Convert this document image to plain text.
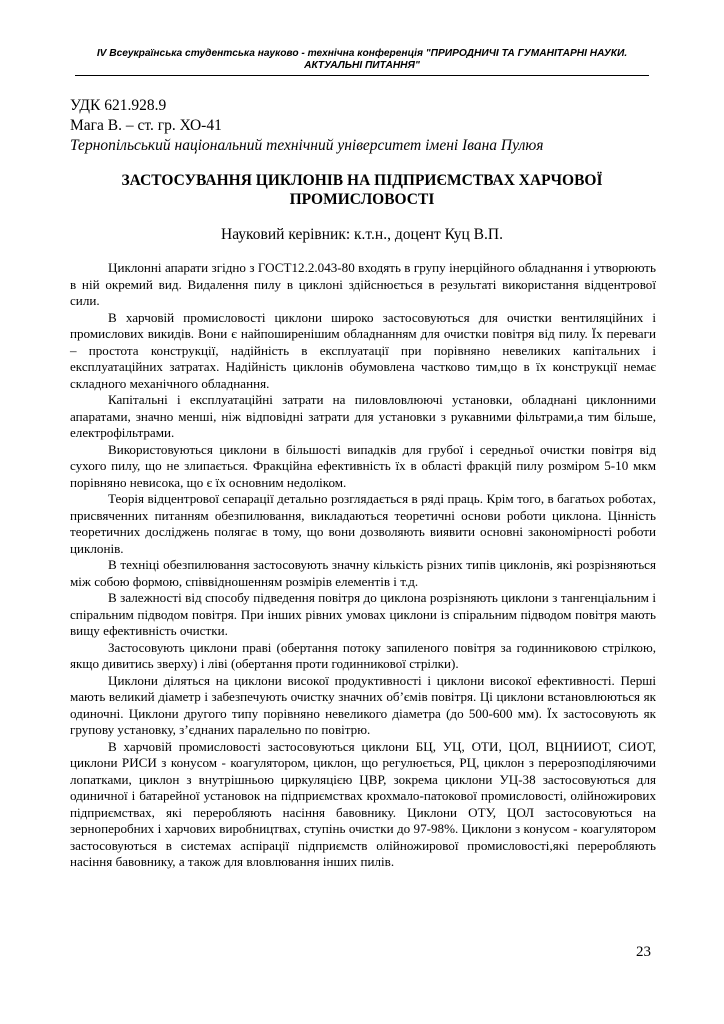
IV Всеукраїнська студентська науково - технічна конференція "ПРИРОДНИЧІ ТА ГУМАНІТАРНІ НАУКИ. АКТУАЛЬНІ ПИТАННЯ"
УДК 621.928.9
Мага В. – ст. гр. ХО-41
Тернопільський національний технічний університет імені Івана Пулюя
ЗАСТОСУВАННЯ ЦИКЛОНІВ НА ПІДПРИЄМСТВАХ ХАРЧОВОЇ ПРОМИСЛОВОСТІ
Науковий керівник: к.т.н., доцент Куц В.П.

Циклонні апарати згідно з ГОСТ12.2.043-80 входять в групу інерційного обладнання і утворюють в ній окремий вид. Видалення пилу в циклоні здійснюється в результаті використання відцентрової сили.

В харчовій промисловості циклони широко застосовуються для очистки вентиляційних і промислових викидів. Вони є найпоширенішим обладнанням для очистки повітря від пилу. Їх переваги – простота конструкції, надійність в експлуатації при порівняно невеликих капітальних і експлуатаційних затратах. Надійність циклонів обумовлена частково тим,що в їх конструкції немає складного механічного обладнання.

Капітальні і експлуатаційні затрати на пиловловлюючі установки, обладнані циклонними апаратами, значно менші, ніж відповідні затрати для установки з рукавними фільтрами,а тим більше, електрофільтрами.

Використовуються циклони в більшості випадків для грубої і середньої очистки повітря від сухого пилу, що не злипається. Фракційна ефективність їх в області фракцій пилу розміром 5-10 мкм порівняно невисока, що є їх основним недоліком.

Теорія відцентрової сепарації детально розглядається в ряді праць. Крім того, в багатьох роботах, присвяченних питанням обезпилювання, викладаються теоретичні основи роботи циклона. Цінність теоретичних досліджень полягає в тому, що вони дозволяють виявити основні закономірності роботи циклонів.

В техніці обезпилювання застосовують значну кількість різних типів циклонів, які розрізняються між собою формою, співвідношенням розмірів елементів і т.д.

В залежності від способу підведення повітря до циклона розрізняють циклони з тангенціальним і спіральним підводом повітря. При інших рівних умовах циклони із спіральним підводом повітря мають вищу ефективність очистки.

Застосовують циклони праві (обертання потоку запиленого повітря за годинниковою стрілкою, якщо дивитись зверху) і ліві (обертання проти годинникової стрілки).

Циклони діляться на циклони високої продуктивності і циклони високої ефективності. Перші мають великий діаметр і забезпечують очистку значних об’ємів повітря. Ці циклони встановлюються як одиночні. Циклони другого типу порівняно невеликого діаметра (до 500-600 мм). Їх застосовують як групову установку, з’єднаних паралельно по повітрю.

В харчовій промисловості застосовуються циклони БЦ, УЦ, ОТИ, ЦОЛ, ВЦНИИОТ, СИОТ, циклони РИСИ з конусом - коагулятором, циклон, що регулюється, РЦ, циклон з перерозподіляючими лопатками, циклон з внутрішньою циркуляцією ЦВР, зокрема циклони УЦ-38 застосовуються для одиничної і батарейної установок на підприємствах крохмало-патокової промисловості, олійножирових підприємствах, які переробляють насіння бавовнику. Циклони ОТУ, ЦОЛ застосовуються на зерноперобних і харчових виробництвах, ступінь очистки до 97-98%. Циклони з конусом - коагулятором застосовуються в системах аспірації підприємств олійножирової промисловості,які переробляють насіння бавовнику, а також для вловлювання інших пилів.

23
